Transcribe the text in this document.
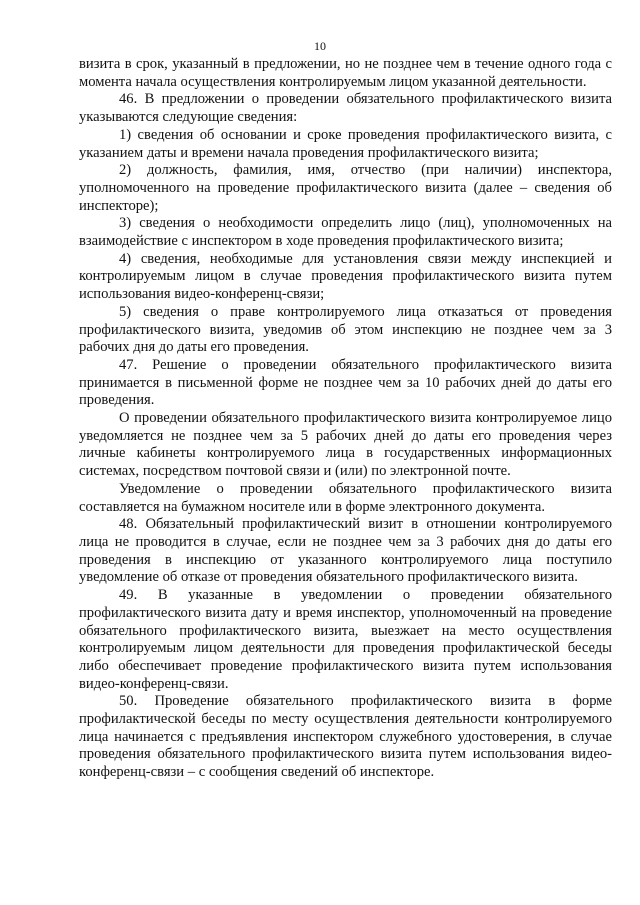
10

визита в срок, указанный в предложении, но не позднее чем в течение одного года с момента начала осуществления контролируемым лицом указанной деятельности.

46. В предложении о проведении обязательного профилактического визита указываются следующие сведения:

1) сведения об основании и сроке проведения профилактического визита, с указанием даты и времени начала проведения профилактического визита;

2) должность, фамилия, имя, отчество (при наличии) инспектора, уполномоченного на проведение профилактического визита (далее – сведения об инспекторе);

3) сведения о необходимости определить лицо (лиц), уполномоченных на взаимодействие с инспектором в ходе проведения профилактического визита;

4) сведения, необходимые для установления связи между инспекцией и контролируемым лицом в случае проведения профилактического визита путем использования видео-конференц-связи;

5) сведения о праве контролируемого лица отказаться от проведения профилактического визита, уведомив об этом инспекцию не позднее чем за 3 рабочих дня до даты его проведения.

47. Решение о проведении обязательного профилактического визита принимается в письменной форме не позднее чем за 10 рабочих дней до даты его проведения.

О проведении обязательного профилактического визита контролируемое лицо уведомляется не позднее чем за 5 рабочих дней до даты его проведения через личные кабинеты контролируемого лица в государственных информационных системах, посредством почтовой связи и (или) по электронной почте.

Уведомление о проведении обязательного профилактического визита составляется на бумажном носителе или в форме электронного документа.

48. Обязательный профилактический визит в отношении контролируемого лица не проводится в случае, если не позднее чем за 3 рабочих дня до даты его проведения в инспекцию от указанного контролируемого лица поступило уведомление об отказе от проведения обязательного профилактического визита.

49. В указанные в уведомлении о проведении обязательного профилактического визита дату и время инспектор, уполномоченный на проведение обязательного профилактического визита, выезжает на место осуществления контролируемым лицом деятельности для проведения профилактической беседы либо обеспечивает проведение профилактического визита путем использования видео-конференц-связи.

50. Проведение обязательного профилактического визита в форме профилактической беседы по месту осуществления деятельности контролируемого лица начинается с предъявления инспектором служебного удостоверения, в случае проведения обязательного профилактического визита путем использования видео-конференц-связи – с сообщения сведений об инспекторе.
